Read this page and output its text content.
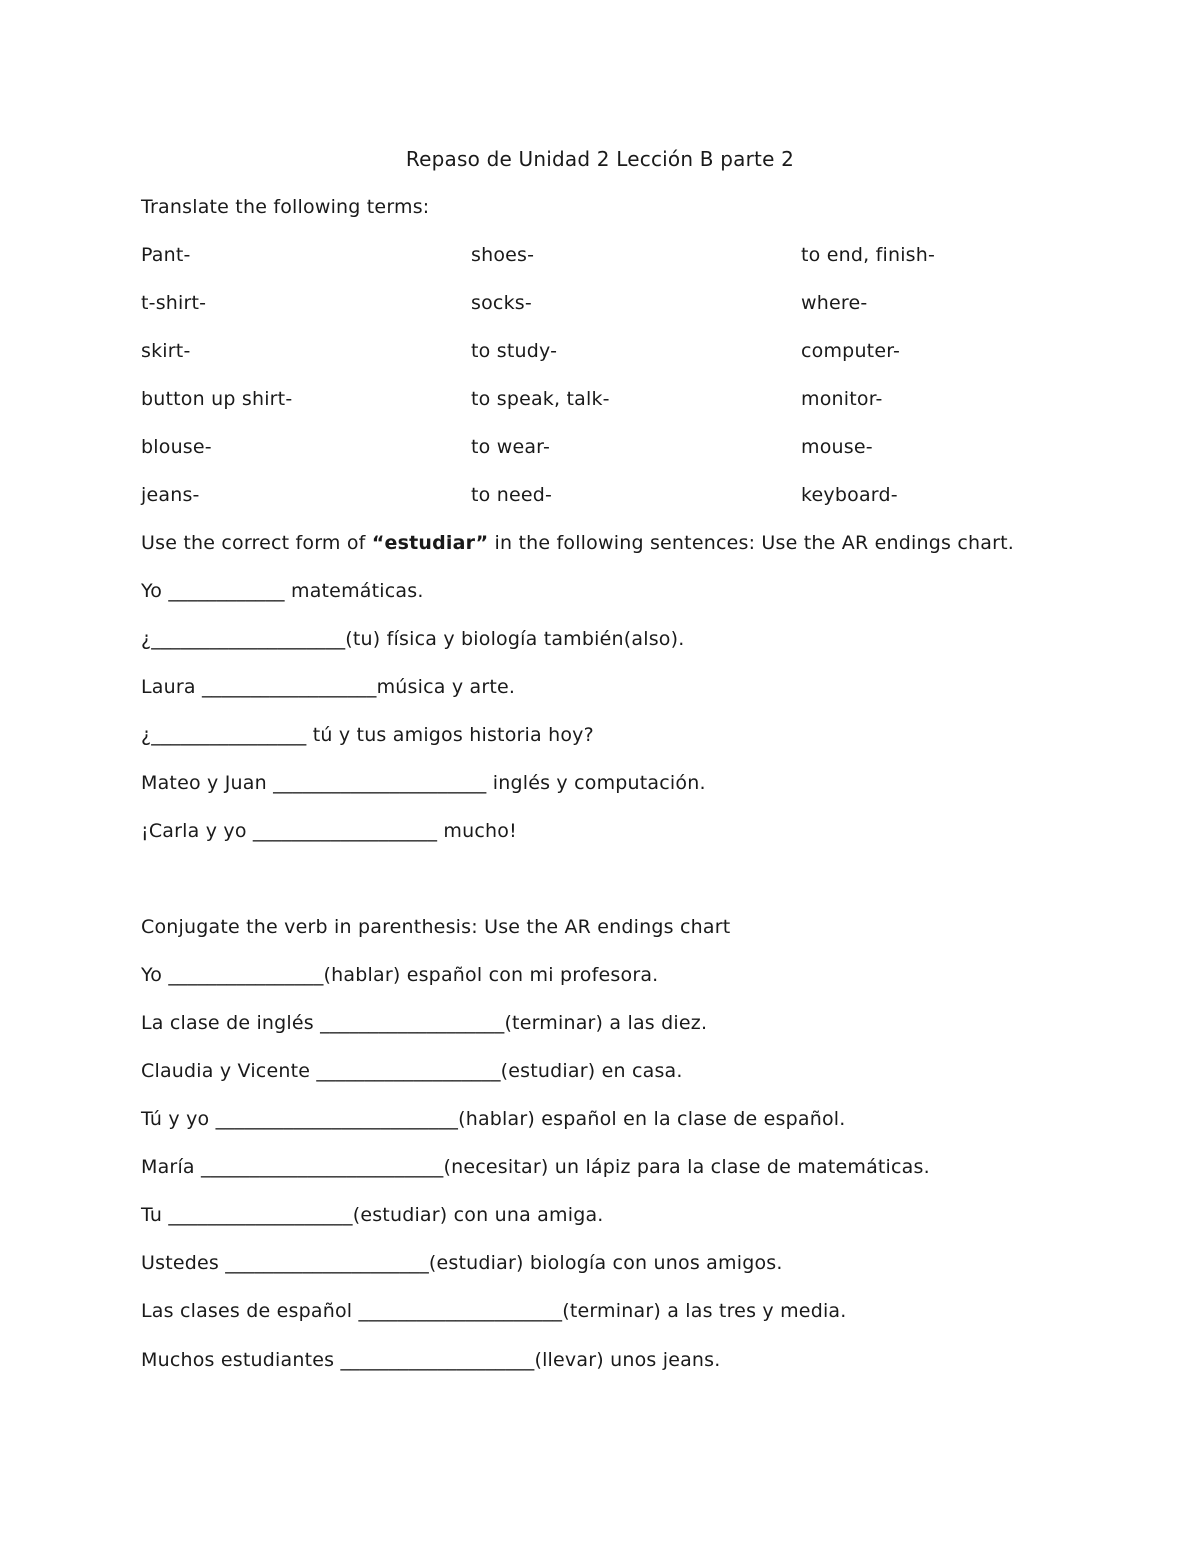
Repaso de Unidad 2 Lección B parte 2
Translate the following terms:
Pant-	shoes-	to end, finish-
t-shirt-	socks-	where-
skirt-	to study-	computer-
button up shirt-	to speak, talk-	monitor-
blouse-	to wear-	mouse-
jeans-	to need-	keyboard-
Use the correct form of “estudiar” in the following sentences: Use the AR endings chart.
Yo ____________ matemáticas.
¿____________________(tu) física y biología también(also).
Laura __________________música y arte.
¿________________ tú y tus amigos historia hoy?
Mateo y Juan ______________________ inglés y computación.
¡Carla y yo ___________________ mucho!
Conjugate the verb in parenthesis: Use the AR endings chart
Yo ________________(hablar) español con mi profesora.
La clase de inglés ___________________(terminar) a las diez.
Claudia y Vicente ___________________(estudiar) en casa.
Tú y yo _________________________(hablar) español en la clase de español.
María _________________________(necesitar) un lápiz para la clase de matemáticas.
Tu ___________________(estudiar) con una amiga.
Ustedes _____________________(estudiar) biología con unos amigos.
Las clases de español _____________________(terminar) a las tres y media.
Muchos estudiantes ____________________(llevar) unos jeans.
